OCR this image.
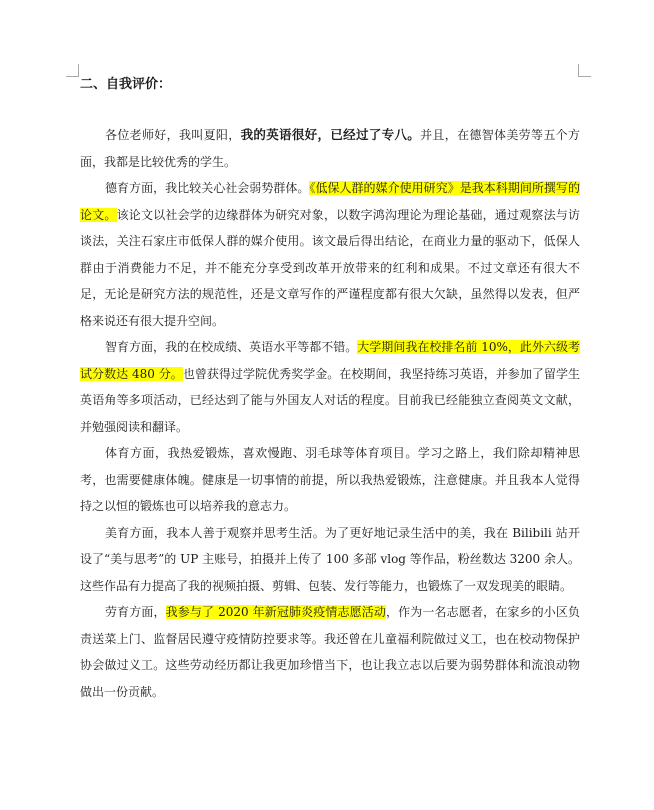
二、自我评价：

各位老师好，我叫夏阳，我的英语很好，已经过了专八。并且，在德智体美劳等五个方面，我都是比较优秀的学生。

德育方面，我比较关心社会弱势群体。《低保人群的媒介使用研究》是我本科期间所撰写的论文。该论文以社会学的边缘群体为研究对象，以数字鸿沟理论为理论基础，通过观察法与访谈法，关注石家庄市低保人群的媒介使用。该文最后得出结论，在商业力量的驱动下，低保人群由于消费能力不足，并不能充分享受到改革开放带来的红利和成果。不过文章还有很大不足，无论是研究方法的规范性，还是文章写作的严谨程度都有很大欠缺，虽然得以发表，但严格来说还有很大提升空间。

智育方面，我的在校成绩、英语水平等都不错。大学期间我在校排名前 10%，此外六级考试分数达 480 分。也曾获得过学院优秀奖学金。在校期间，我坚持练习英语，并参加了留学生英语角等多项活动，已经达到了能与外国友人对话的程度。目前我已经能独立查阅英文文献，并勉强阅读和翻译。

体育方面，我热爱锻炼，喜欢慢跑、羽毛球等体育项目。学习之路上，我们除却精神思考，也需要健康体魄。健康是一切事情的前提，所以我热爱锻炼，注意健康。并且我本人觉得持之以恒的锻炼也可以培养我的意志力。

美育方面，我本人善于观察并思考生活。为了更好地记录生活中的美，我在 Bilibili 站开设了“美与思考”的 UP 主账号，拍摄并上传了 100 多部 vlog 等作品，粉丝数达 3200 余人。这些作品有力提高了我的视频拍摄、剪辑、包装、发行等能力，也锻炼了一双发现美的眼睛。

劳育方面，我参与了 2020 年新冠肺炎疫情志愿活动，作为一名志愿者，在家乡的小区负责送菜上门、监督居民遵守疫情防控要求等。我还曾在儿童福利院做过义工，也在校动物保护协会做过义工。这些劳动经历都让我更加珍惜当下，也让我立志以后要为弱势群体和流浪动物做出一份贡献。
